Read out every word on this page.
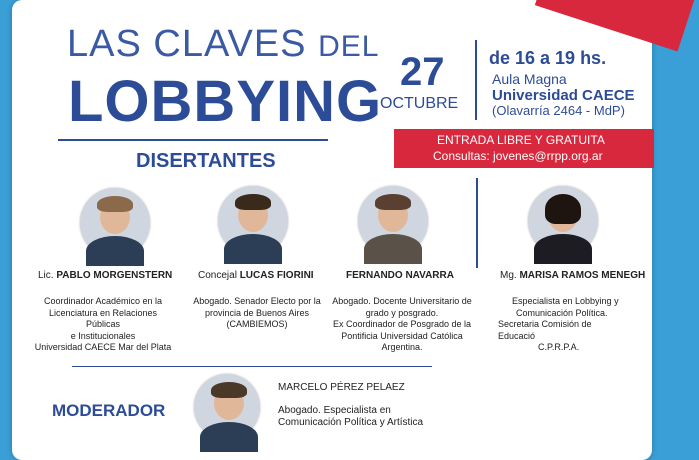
LAS CLAVES DEL
LOBBYING
DISERTANTES
27
OCTUBRE
de 16 a 19 hs.
Aula Magna
Universidad CAECE
(Olavarría 2464 - MdP)
ENTRADA LIBRE Y GRATUITA
Consultas: jovenes@rrpp.org.ar
Lic. PABLO MORGENSTERN	Concejal LUCAS FIORINI	FERNANDO NAVARRA	Mg. MARISA RAMOS MENEGH
Coordinador Académico en la
Licenciatura en Relaciones
Públicas
e Institucionales
Universidad CAECE Mar del Plata
Abogado. Senador Electo por la
provincia de Buenos Aires
(CAMBIEMOS)
Abogado. Docente Universitario de
grado y posgrado.
Ex Coordinador de Posgrado de la
Pontificia Universidad Católica
Argentina.
Especialista en Lobbying y
Comunicación Política.
Secretaria Comisión de Educació
C.P.R.P.A.
MODERADOR
MARCELO PÉREZ PELAEZ
Abogado. Especialista en
Comunicación Política y Artística
